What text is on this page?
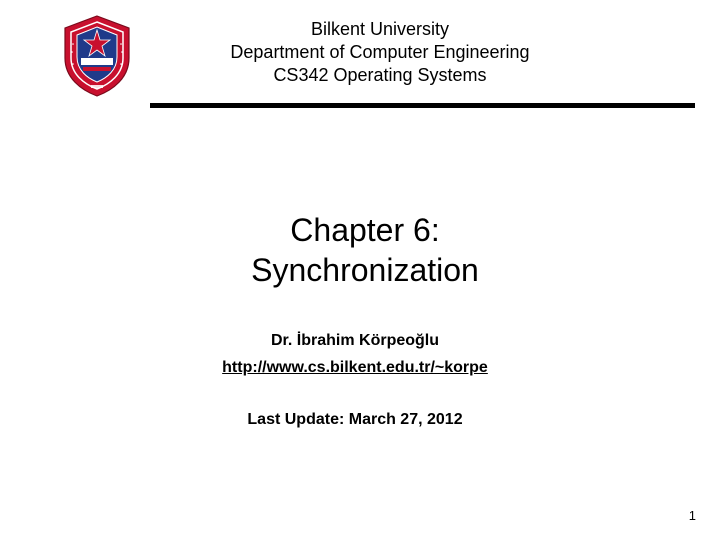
Bilkent University
Department of Computer Engineering
CS342 Operating Systems
Chapter 6:
Synchronization
Dr. İbrahim Körpeoğlu
http://www.cs.bilkent.edu.tr/~korpe
Last Update: March 27, 2012
1
